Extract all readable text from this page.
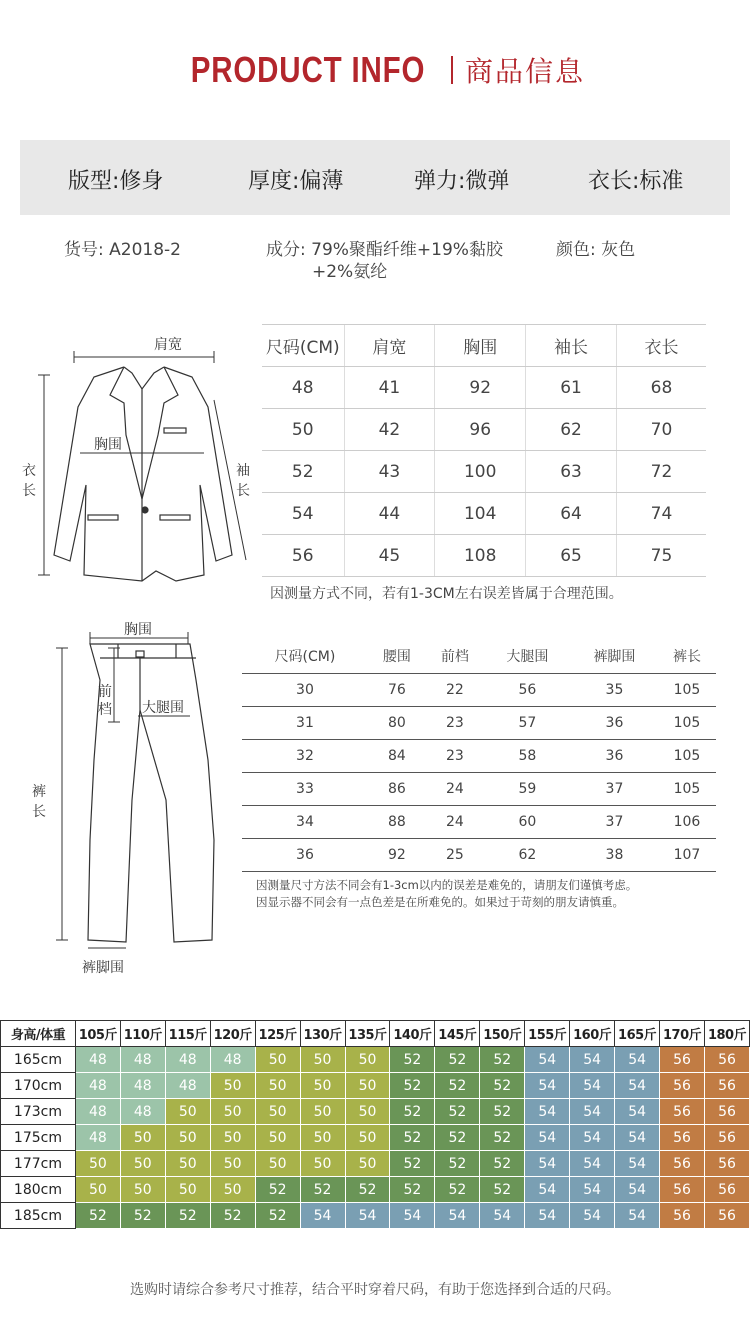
PRODUCT INFO 商品信息
版型:修身	厚度:偏薄	弹力:微弹	衣长:标准
货号: A2018-2	成分: 79%聚酯纤维+19%黏胶
+2%氨纶
颜色: 灰色
肩宽
胸围
衣
长
袖
长
尺码(CM)	肩宽	胸围	袖长	衣长
48	41	92	61	68
50	42	96	62	70
52	43	100	63	72
54	44	104	64	74
56	45	108	65	75
因测量方式不同，若有1-3CM左右误差皆属于合理范围。
胸围
前
档 大腿围
裤
长
裤脚围
尺码(CM)	腰围	前档	大腿围	裤脚围	裤长
30	76	22	56	35	105
31	80	23	57	36	105
32	84	23	58	36	105
33	86	24	59	37	105
34	88	24	60	37	106
36	92	25	62	38	107
因测量尺寸方法不同会有1-3cm以内的误差是难免的，请朋友们谨慎考虑。
因显示器不同会有一点色差是在所难免的。如果过于苛刻的朋友请慎重。
身高/体重	105斤	110斤	115斤	120斤	125斤	130斤	135斤	140斤	145斤	150斤	155斤	160斤	165斤	170斤	180斤
165cm	48	48	48	48	50	50	50	52	52	52	54	54	54	56	56
170cm	48	48	48	50	50	50	50	52	52	52	54	54	54	56	56
173cm	48	48	50	50	50	50	50	52	52	52	54	54	54	56	56
175cm	48	50	50	50	50	50	50	52	52	52	54	54	54	56	56
177cm	50	50	50	50	50	50	50	52	52	52	54	54	54	56	56
180cm	50	50	50	50	52	52	52	52	52	52	54	54	54	56	56
185cm	52	52	52	52	52	54	54	54	54	54	54	54	54	56	56
选购时请综合参考尺寸推荐，结合平时穿着尺码，有助于您选择到合适的尺码。
